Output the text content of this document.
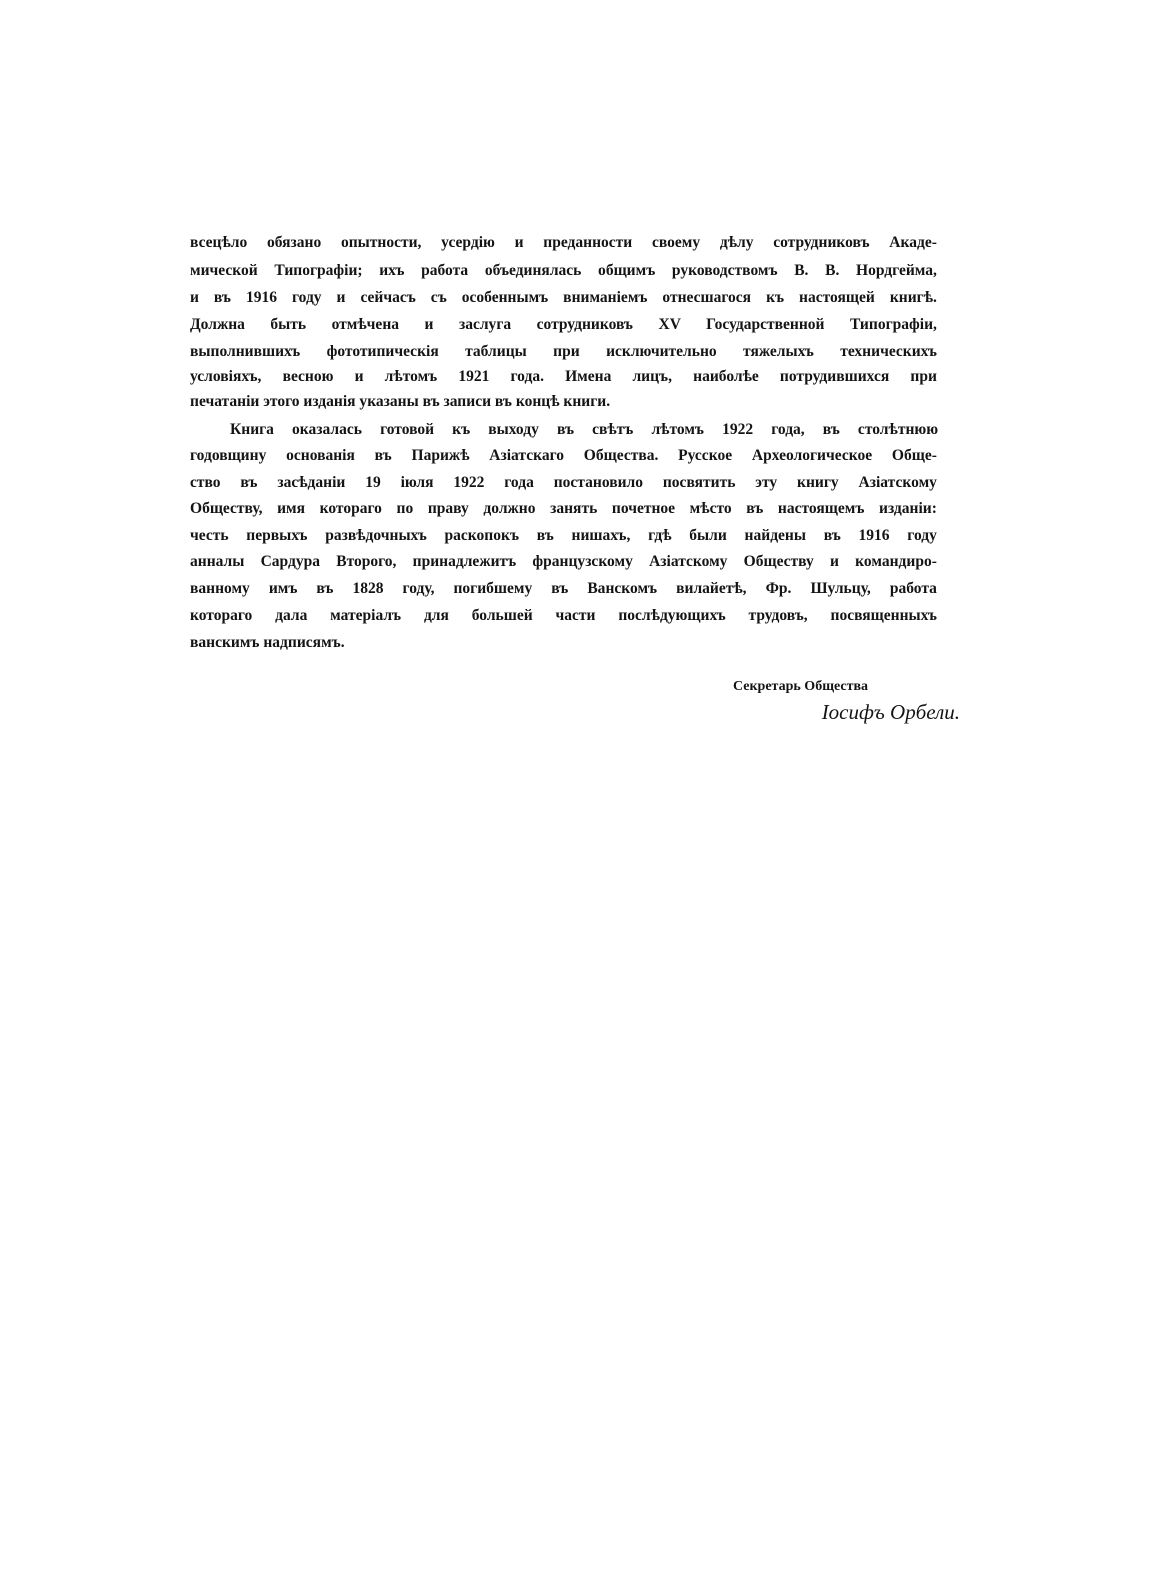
всецѣло обязано опытности, усердію и преданности своему дѣлу сотрудниковъ Акаде-
мической Типографіи; ихъ работа объединялась общимъ руководствомъ В. В. Нордгейма,
и въ 1916 году и сейчасъ съ особеннымъ вниманіемъ отнесшагося къ настоящей книгѣ.
Должна быть отмѣчена и заслуга сотрудниковъ XV Государственной Типографіи,
выполнившихъ фототипическія таблицы при исключительно тяжелыхъ техническихъ
условіяхъ, весною и лѣтомъ 1921 года. Имена лицъ, наиболѣе потрудившихся при
печатаніи этого изданія указаны въ записи въ концѣ книги.
Книга оказалась готовой къ выходу въ свѣтъ лѣтомъ 1922 года, въ столѣтнюю
годовщину основанія въ Парижѣ Азіатскаго Общества. Русское Археологическое Обще-
ство въ засѣданіи 19 іюля 1922 года постановило посвятить эту книгу Азіатскому
Обществу, имя котораго по праву должно занять почетное мѣсто въ настоящемъ изданіи:
честь первыхъ развѣдочныхъ раскопокъ въ нишахъ, гдѣ были найдены въ 1916 году
анналы Сардура Второго, принадлежитъ французскому Азіатскому Обществу и командиро-
ванному имъ въ 1828 году, погибшему въ Ванскомъ вилайетѣ, Фр. Шульцу, работа
котораго дала матеріалъ для большей части послѣдующихъ трудовъ, посвященныхъ
ванскимъ надписямъ.
Секретарь Общества
Іосифъ Орбели.
